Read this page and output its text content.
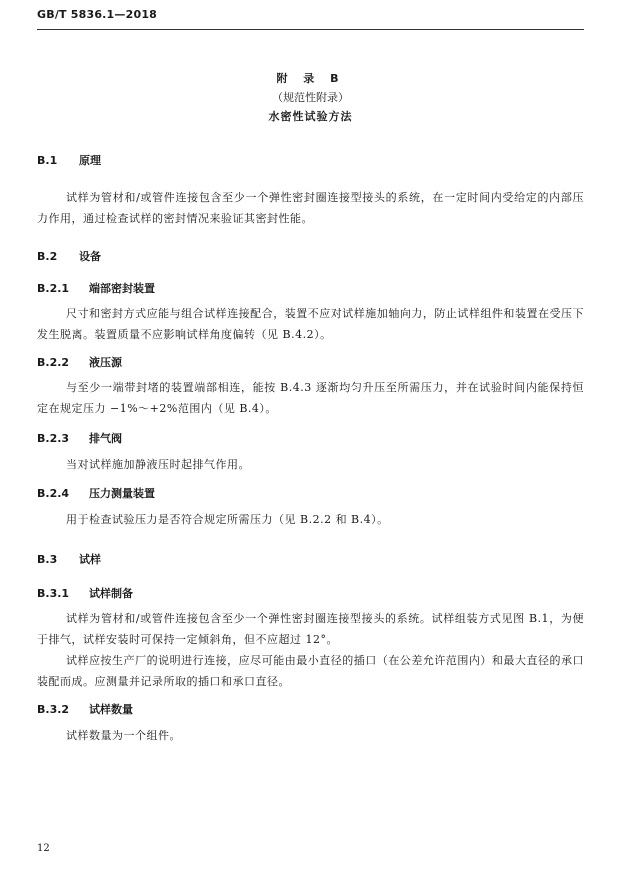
GB/T 5836.1—2018
附 录 B
（规范性附录）
水密性试验方法
B.1 原理
试样为管材和/或管件连接包含至少一个弹性密封圈连接型接头的系统，在一定时间内受给定的内部压力作用，通过检查试样的密封情况来验证其密封性能。
B.2 设备
B.2.1 端部密封装置
尺寸和密封方式应能与组合试样连接配合，装置不应对试样施加轴向力，防止试样组件和装置在受压下发生脱离。装置质量不应影响试样角度偏转（见 B.4.2）。
B.2.2 液压源
与至少一端带封堵的装置端部相连，能按 B.4.3 逐渐均匀升压至所需压力，并在试验时间内能保持恒定在规定压力 −1%～+2%范围内（见 B.4）。
B.2.3 排气阀
当对试样施加静液压时起排气作用。
B.2.4 压力测量装置
用于检查试验压力是否符合规定所需压力（见 B.2.2 和 B.4）。
B.3 试样
B.3.1 试样制备
试样为管材和/或管件连接包含至少一个弹性密封圈连接型接头的系统。试样组装方式见图 B.1，为便于排气，试样安装时可保持一定倾斜角，但不应超过 12°。
试样应按生产厂的说明进行连接，应尽可能由最小直径的插口（在公差允许范围内）和最大直径的承口装配而成。应测量并记录所取的插口和承口直径。
B.3.2 试样数量
试样数量为一个组件。
12
